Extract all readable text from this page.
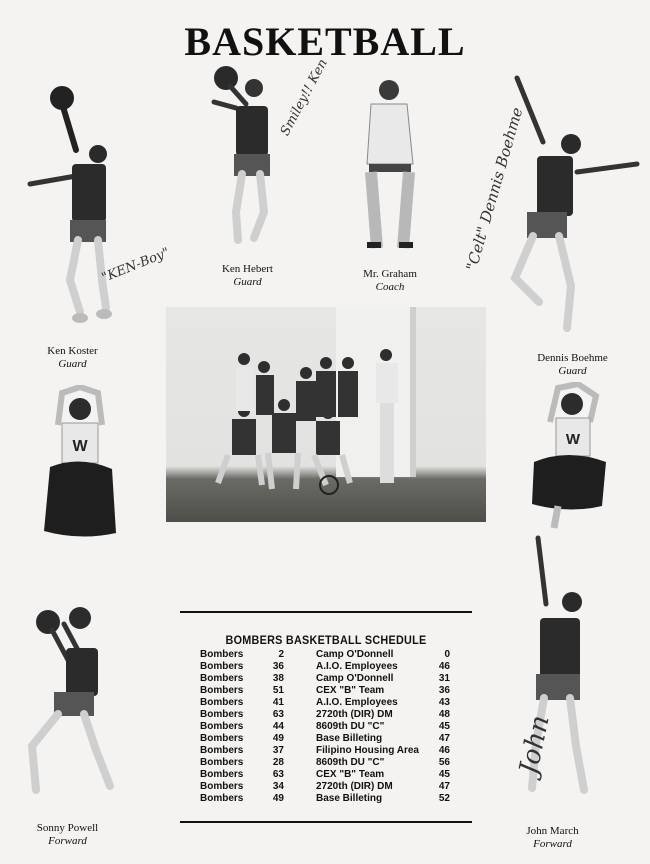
BASKETBALL
"KEN-Boy"
Ken Koster
Guard
Smiley!! Ken
Ken Hebert
Guard
Mr. Graham
Coach
"Celt" Dennis Boehme
Dennis Boehme
Guard
W	W
Sonny Powell
Forward
John
John March
Forward
BOMBERS BASKETBALL SCHEDULE
Bombers	2	Camp O'Donnell	0
Bombers	36	A.I.O. Employees	46
Bombers	38	Camp O'Donnell	31
Bombers	51	CEX "B" Team	36
Bombers	41	A.I.O. Employees	43
Bombers	63	2720th (DIR) DM	48
Bombers	44	8609th DU "C"	45
Bombers	49	Base Billeting	47
Bombers	37	Filipino Housing Area	46
Bombers	28	8609th DU "C"	56
Bombers	63	CEX "B" Team	45
Bombers	34	2720th (DIR) DM	47
Bombers	49	Base Billeting	52
